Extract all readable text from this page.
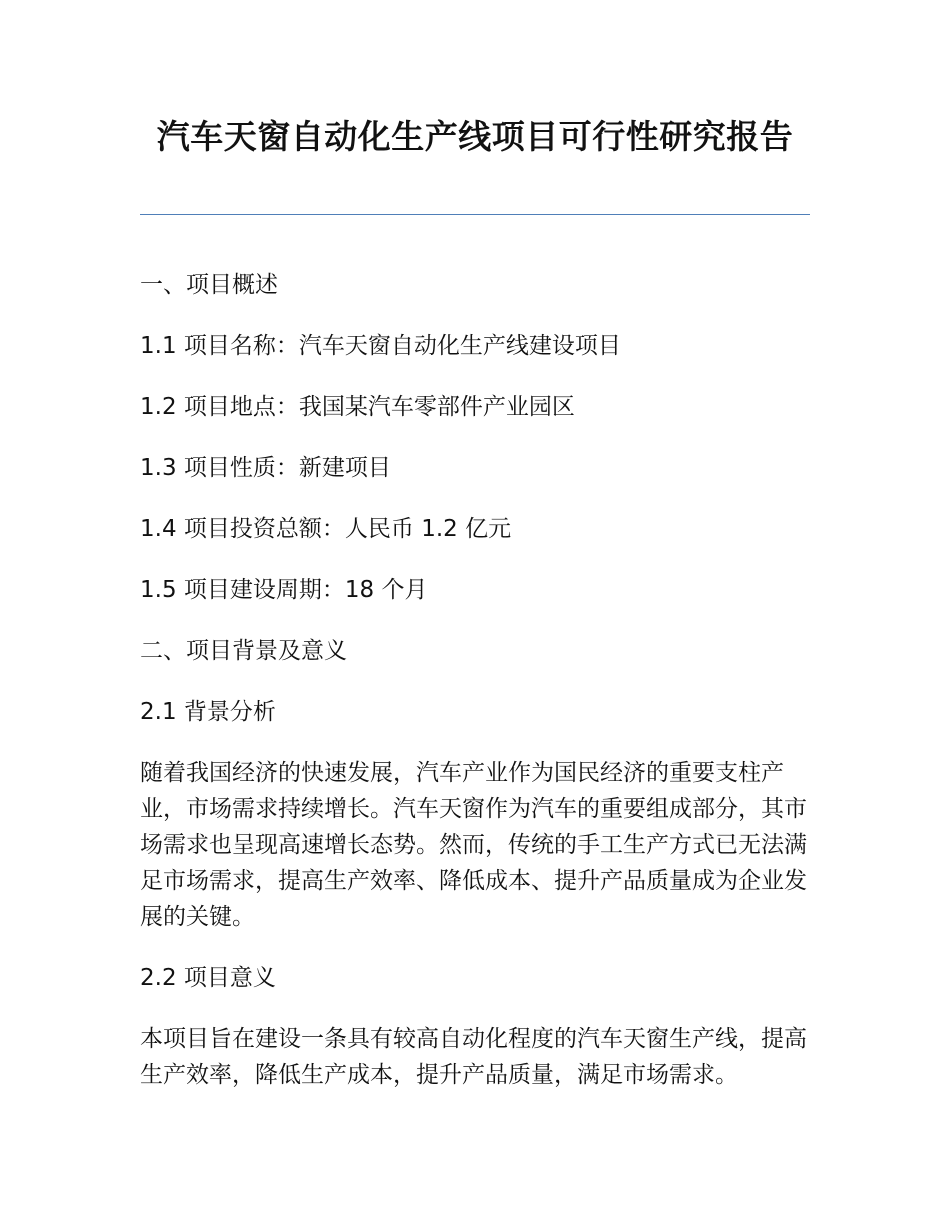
汽车天窗自动化生产线项目可行性研究报告

一、项目概述

1.1 项目名称：汽车天窗自动化生产线建设项目

1.2 项目地点：我国某汽车零部件产业园区

1.3 项目性质：新建项目

1.4 项目投资总额：人民币 1.2 亿元

1.5 项目建设周期：18 个月

二、项目背景及意义

2.1 背景分析

随着我国经济的快速发展，汽车产业作为国民经济的重要支柱产业，市场需求持续增长。汽车天窗作为汽车的重要组成部分，其市场需求也呈现高速增长态势。然而，传统的手工生产方式已无法满足市场需求，提高生产效率、降低成本、提升产品质量成为企业发展的关键。

2.2 项目意义

本项目旨在建设一条具有较高自动化程度的汽车天窗生产线，提高生产效率，降低生产成本，提升产品质量，满足市场需求。
